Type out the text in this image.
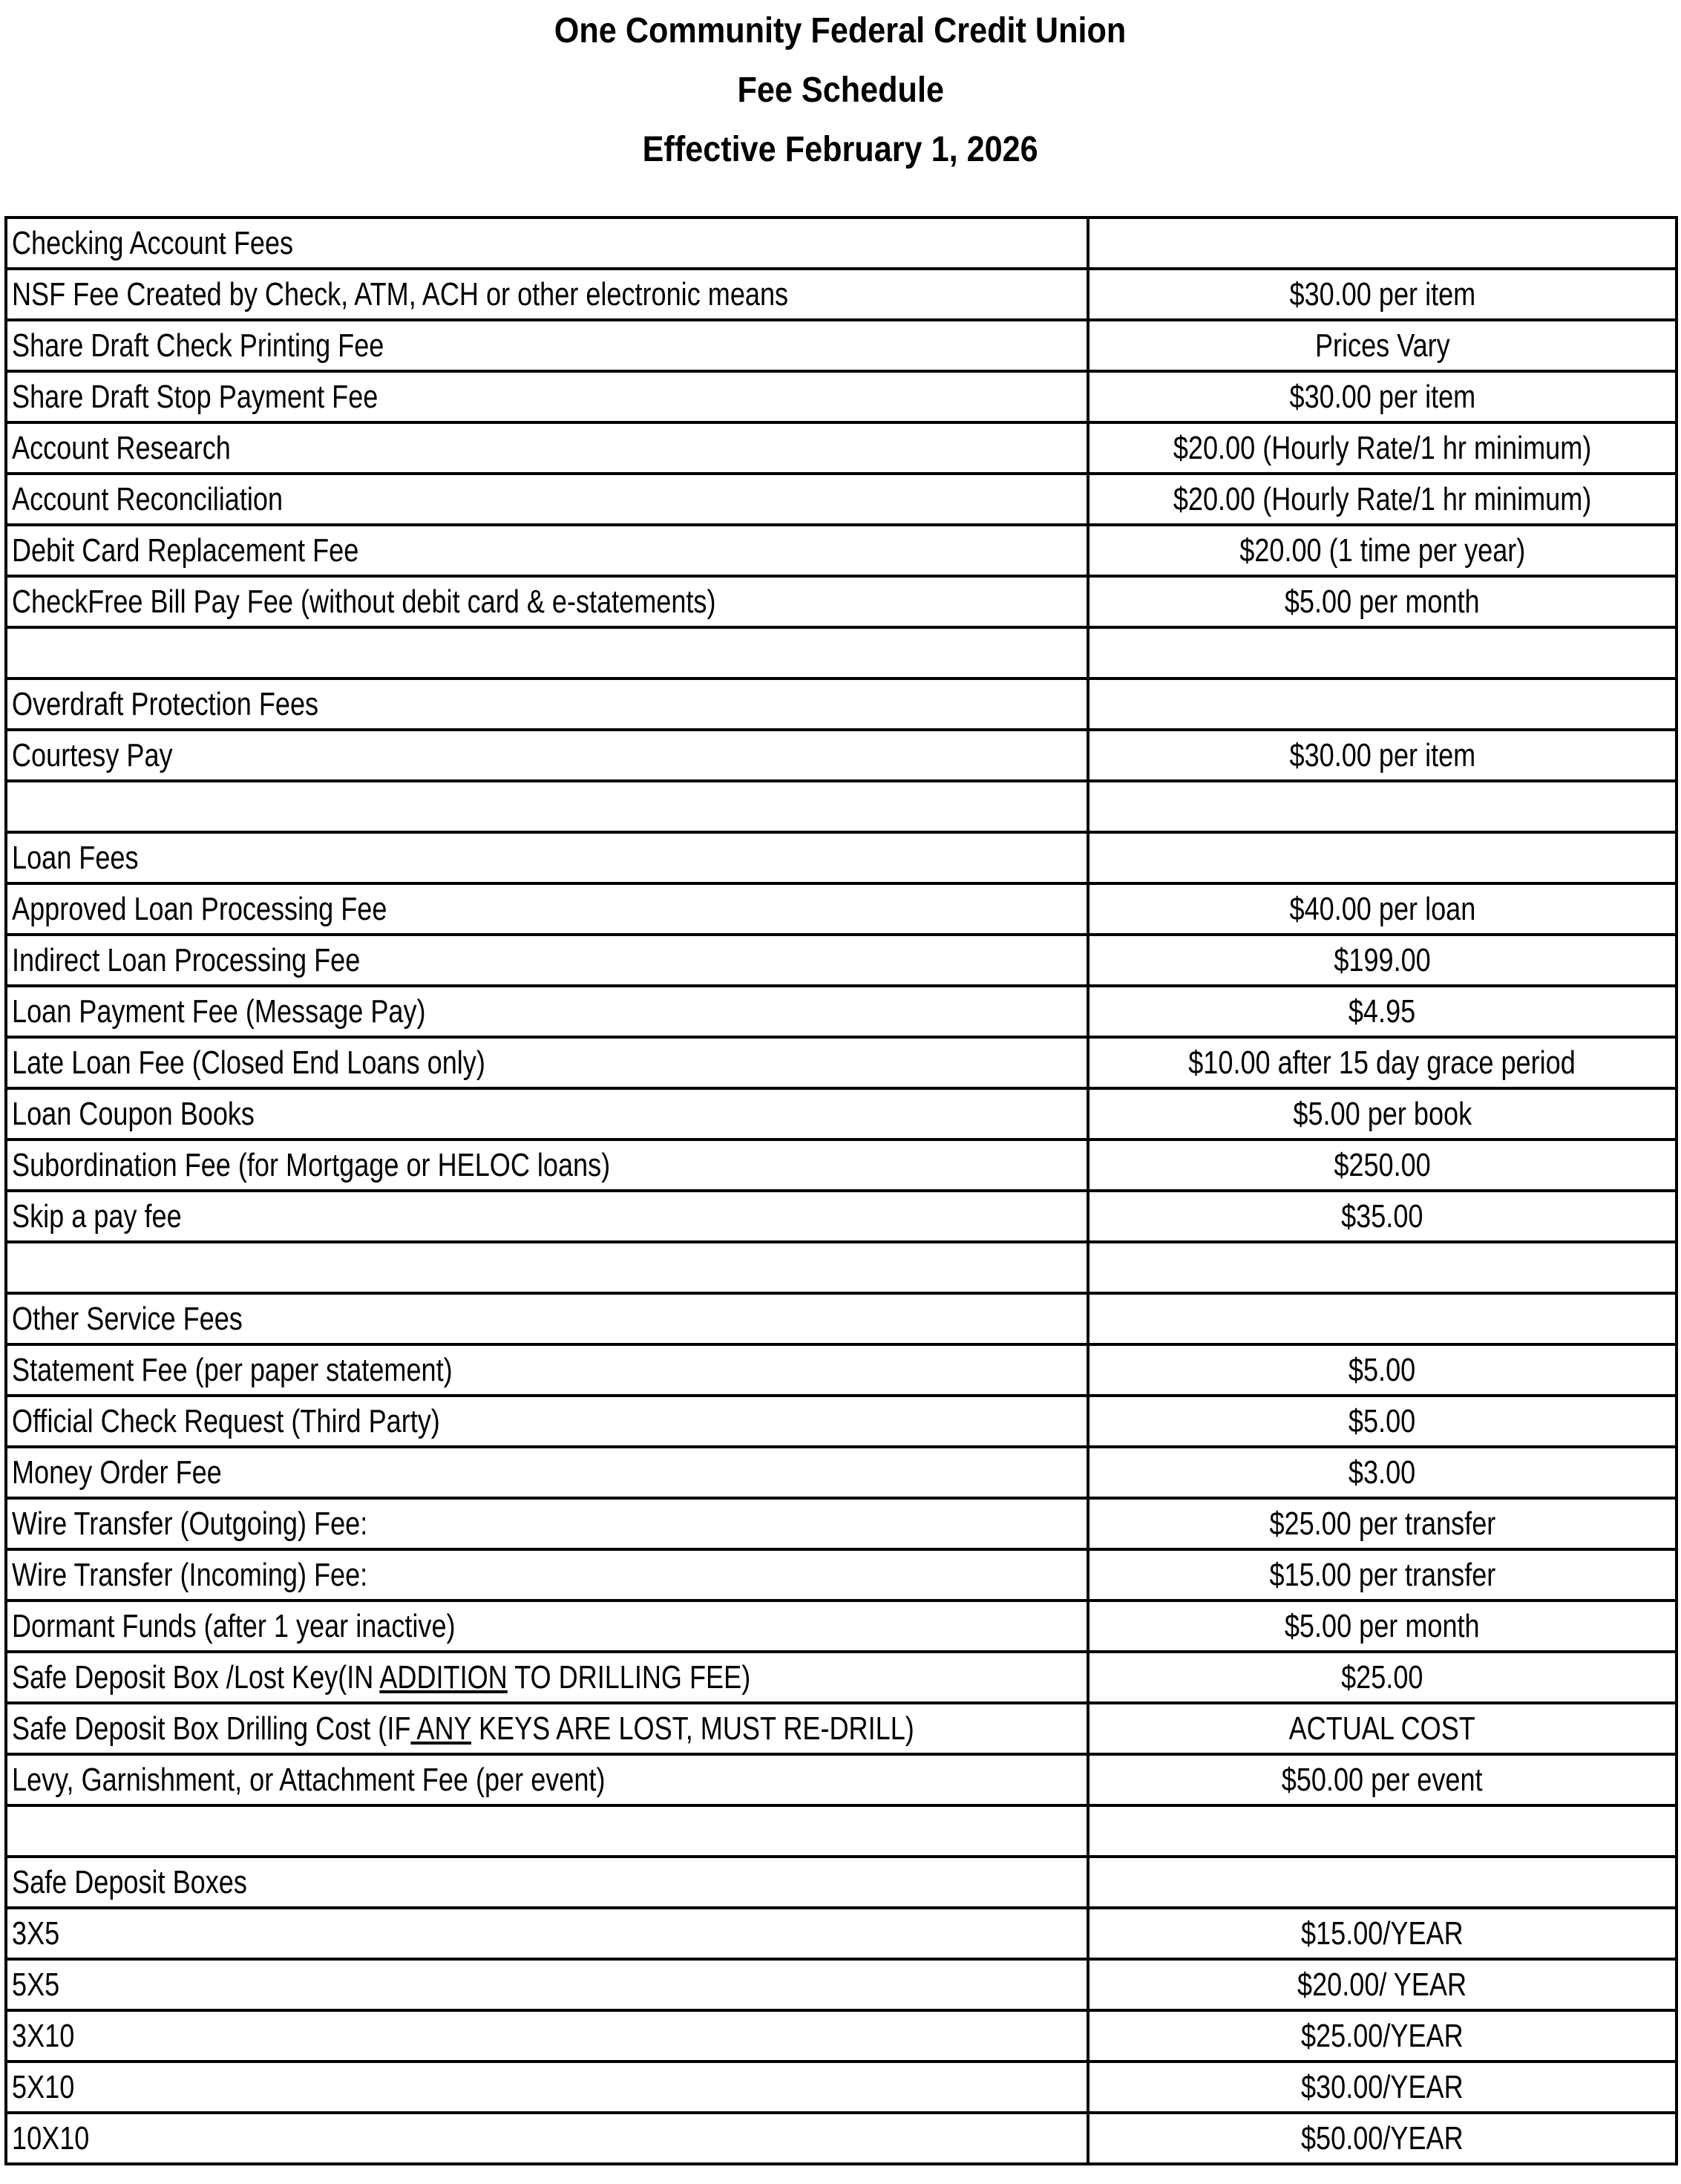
One Community Federal Credit Union
Fee Schedule
Effective February 1, 2026
Checking Account Fees	
NSF Fee Created by Check, ATM, ACH or other electronic means	$30.00 per item
Share Draft Check Printing Fee	Prices Vary
Share Draft Stop Payment Fee	$30.00 per item
Account Research	$20.00 (Hourly Rate/1 hr minimum)
Account Reconciliation	$20.00 (Hourly Rate/1 hr minimum)
Debit Card Replacement Fee	$20.00 (1 time per year)
CheckFree Bill Pay Fee (without debit card & e-statements)	$5.00 per month

Overdraft Protection Fees	
Courtesy Pay	$30.00 per item

Loan Fees	
Approved Loan Processing Fee	$40.00 per loan
Indirect Loan Processing Fee	$199.00
Loan Payment Fee (Message Pay)	$4.95
Late Loan Fee (Closed End Loans only)	$10.00 after 15 day grace period
Loan Coupon Books	$5.00 per book
Subordination Fee (for Mortgage or HELOC loans)	$250.00
Skip a pay fee	$35.00

Other Service Fees	
Statement Fee (per paper statement)	$5.00
Official Check Request (Third Party)	$5.00
Money Order Fee	$3.00
Wire Transfer (Outgoing) Fee:	$25.00 per transfer
Wire Transfer (Incoming) Fee:	$15.00 per transfer
Dormant Funds (after 1 year inactive)	$5.00 per month
Safe Deposit Box /Lost Key(IN ADDITION TO DRILLING FEE)	$25.00
Safe Deposit Box Drilling Cost (IF ANY KEYS ARE LOST, MUST RE-DRILL)	ACTUAL COST
Levy, Garnishment, or Attachment Fee (per event)	$50.00 per event

Safe Deposit Boxes	
3X5	$15.00/YEAR
5X5	$20.00/ YEAR
3X10	$25.00/YEAR
5X10	$30.00/YEAR
10X10	$50.00/YEAR
